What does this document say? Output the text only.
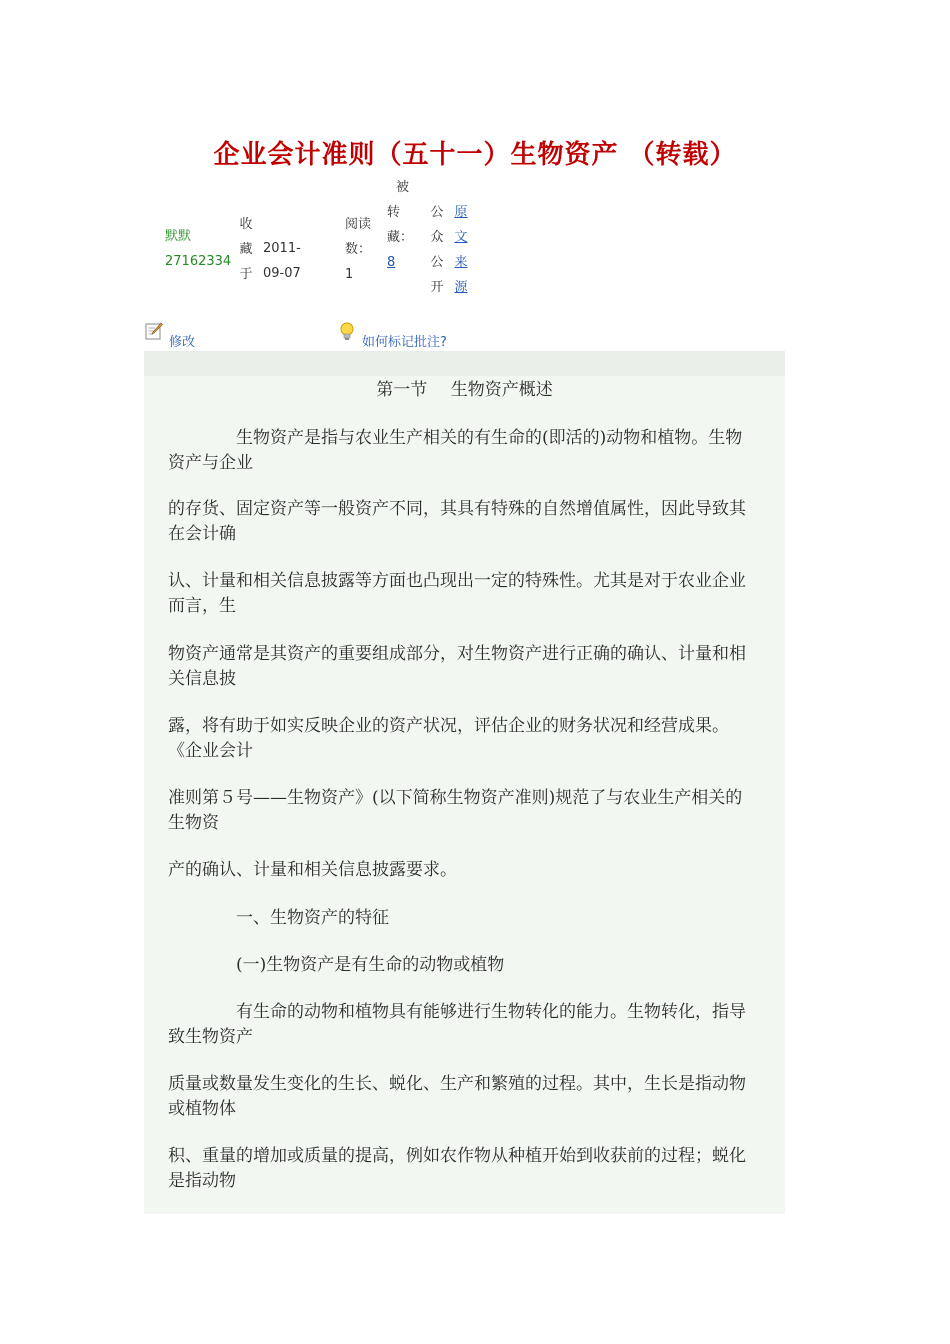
企业会计准则（五十一）生物资产 （转载）
默默
27162334
收
藏
于
2011-09-07
阅读
数：
1
被
转
藏：
8
公
众
公
开
原
文
来
源
修改	如何标记批注?
第一节 生物资产概述
生物资产是指与农业生产相关的有生命的(即活的)动物和植物。生物资产与企业
的存货、固定资产等一般资产不同，其具有特殊的自然增值属性，因此导致其在会计确
认、计量和相关信息披露等方面也凸现出一定的特殊性。尤其是对于农业企业而言，生
物资产通常是其资产的重要组成部分，对生物资产进行正确的确认、计量和相关信息披
露，将有助于如实反映企业的资产状况，评估企业的财务状况和经营成果。《企业会计
准则第５号——生物资产》(以下简称生物资产准则)规范了与农业生产相关的生物资
产的确认、计量和相关信息披露要求。
一、生物资产的特征
(一)生物资产是有生命的动物或植物
有生命的动物和植物具有能够进行生物转化的能力。生物转化，指导致生物资产
质量或数量发生变化的生长、蜕化、生产和繁殖的过程。其中，生长是指动物或植物体
积、重量的增加或质量的提高，例如农作物从种植开始到收获前的过程；蜕化是指动物
